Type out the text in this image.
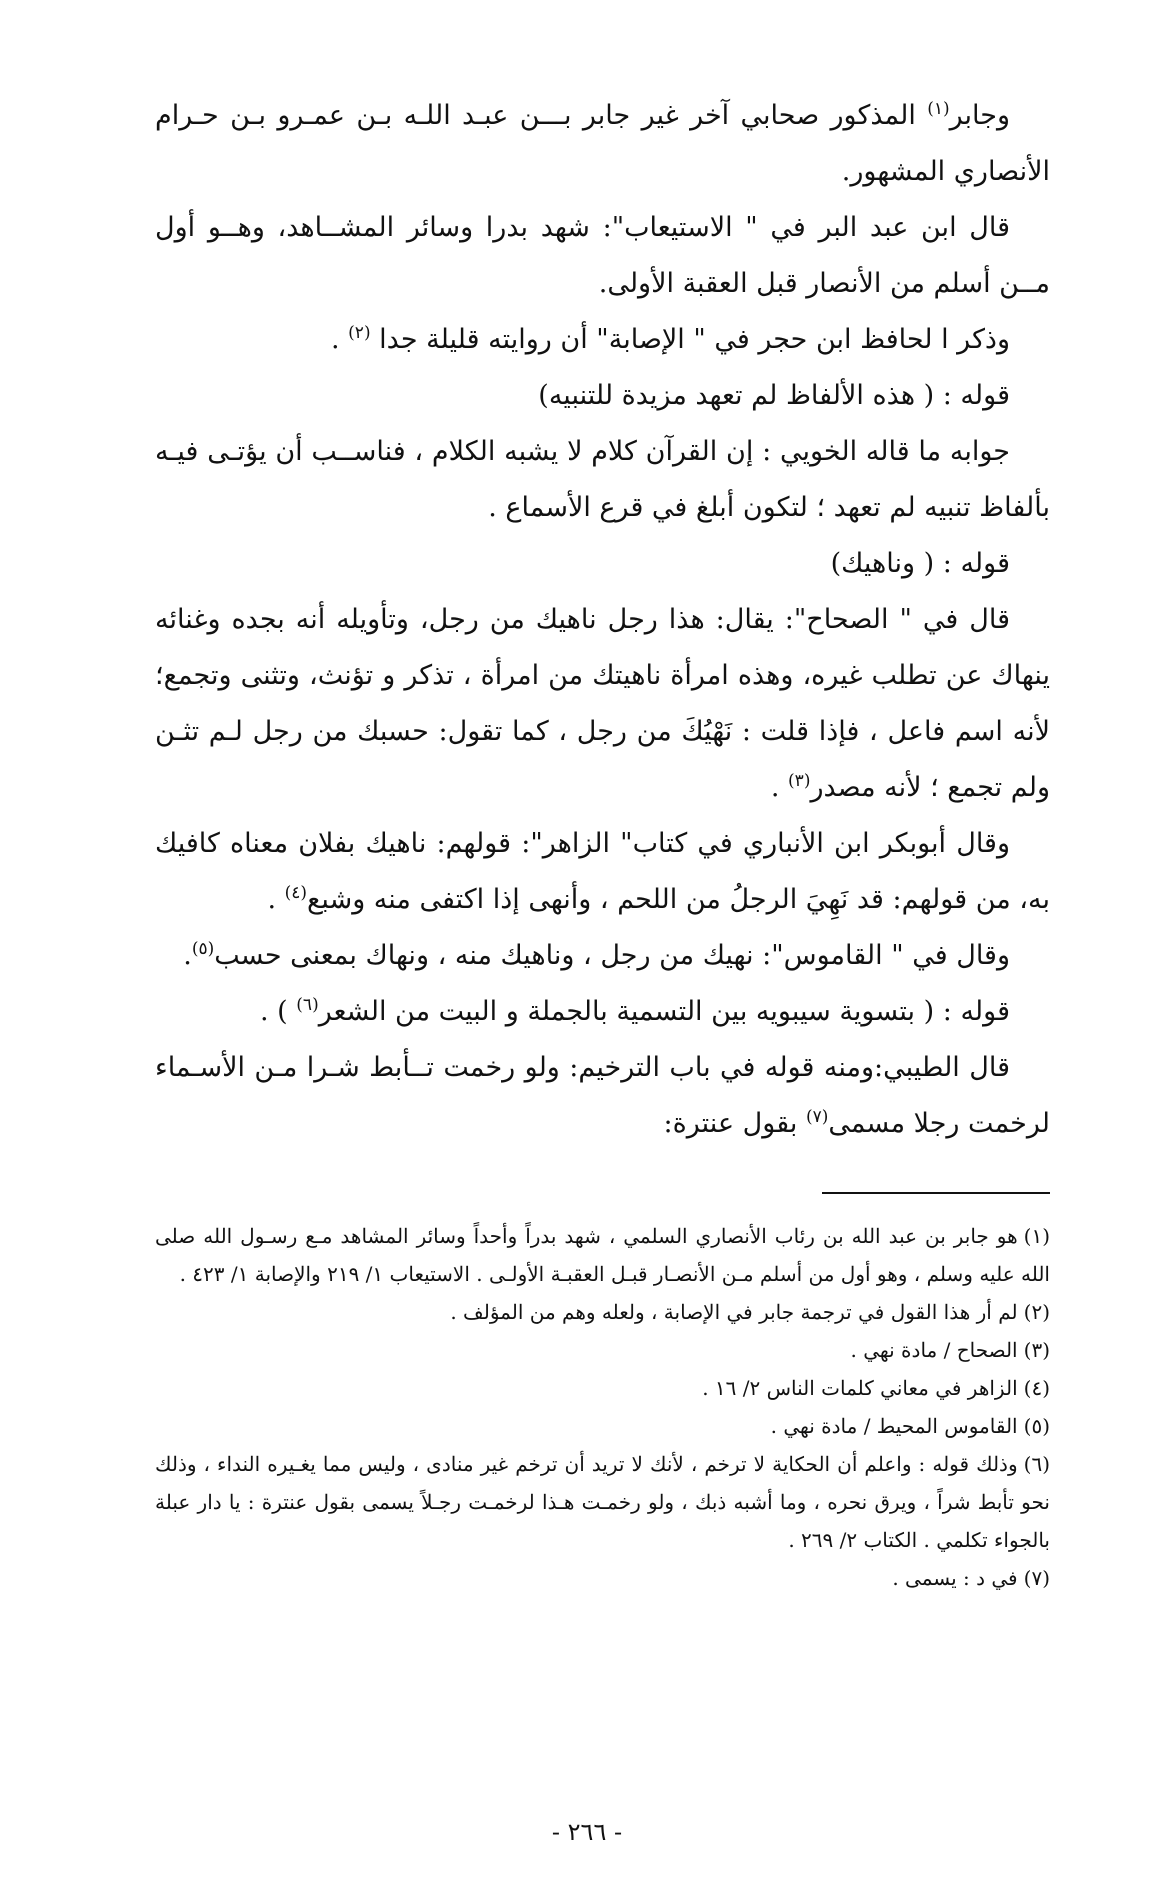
وجابر$^{(١)}$ المذكور صحابي آخر غير جابر بـــن عبـد اللـه بـن عمـرو بـن حـرام الأنصاري المشهور.

قال ابن عبد البر في " الاستيعاب": شهد بدرا وسائر المشــاهد، وهــو أول مــن أسلم من الأنصار قبل العقبة الأولى.

وذكر ا لحافظ ابن حجر في " الإصابة" أن روايته قليلة جدا $^{(٢)}$ .

قوله : ( هذه الألفاظ لم تعهد مزيدة للتنبيه)

جوابه ما قاله الخويي : إن القرآن كلام لا يشبه الكلام ، فناســب أن يؤتـى فيـه بألفاظ تنبيه لم تعهد ؛ لتكون أبلغ في قرع الأسماع .

قوله : ( وناهيك)

قال في " الصحاح": يقال: هذا رجل ناهيك من رجل، وتأويله أنه بجده وغنائه ينهاك عن تطلب غيره، وهذه امرأة ناهيتك من امرأة ، تذكر و تؤنث، وتثنى وتجمع؛ لأنه اسم فاعل ، فإذا قلت : نَهْيُكَ من رجل ، كما تقول: حسبك من رجل لـم تثـن ولم تجمع ؛ لأنه مصدر$^{(٣)}$ .

وقال أبوبكر ابن الأنباري في كتاب" الزاهر": قولهم: ناهيك بفلان معناه كافيك به، من قولهم: قد نَهِيَ الرجلُ من اللحم ، وأنهى إذا اكتفى منه وشبع$^{(٤)}$ .

وقال في " القاموس": نهيك من رجل ، وناهيك منه ، ونهاك بمعنى حسب$^{(٥)}$.

قوله : ( بتسوية سيبويه بين التسمية بالجملة و البيت من الشعر$^{(٦)}$ ) .

قال الطيبي:ومنه قوله في باب الترخيم: ولو رخمت تــأبط شـرا مـن الأسـماء لرخمت رجلا مسمى$^{(٧)}$ بقول عنترة:

(١)هو جابر بن عبد الله بن رئاب الأنصاري السلمي ، شهد بدراً وأحداً وسائر المشاهد مـع رسـول الله صلى الله عليه وسلم ، وهو أول من أسلم مـن الأنصـار قبـل العقبـة الأولـى . الاستيعاب ١/ ٢١٩ والإصابة ١/ ٤٢٣ .

(٢)لم أر هذا القول في ترجمة جابر في الإصابة ، ولعله وهم من المؤلف .

(٣)الصحاح / مادة نهي .

(٤)الزاهر في معاني كلمات الناس ٢/ ١٦ .

(٥)القاموس المحيط / مادة نهي .

(٦)وذلك قوله : واعلم أن الحكاية لا ترخم ، لأنك لا تريد أن ترخم غير منادى ، وليس مما يغـيره النداء ، وذلك نحو تأبط شراً ، ويرق نحره ، وما أشبه ذبك ، ولو رخمـت هـذا لرخمـت رجـلاً يسمى بقول عنترة : يا دار عبلة بالجواء تكلمي . الكتاب ٢/ ٢٦٩ .

(٧)في د : يسمى .

- ٢٦٦ -
